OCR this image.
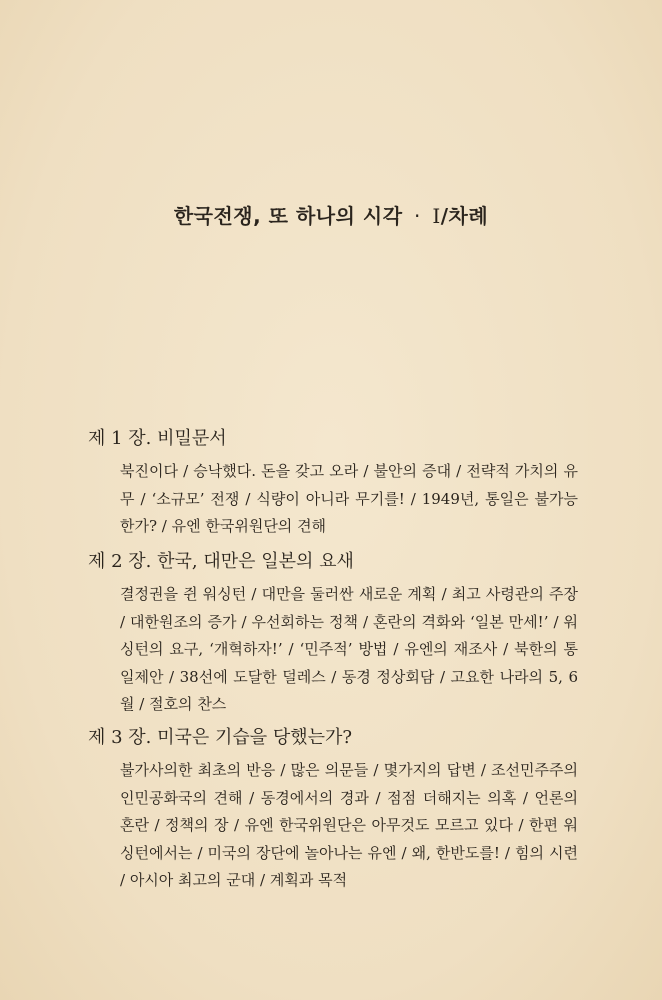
한국전쟁, 또 하나의 시각 · Ⅰ/차례
제 1 장. 비밀문서
북진이다 / 승낙했다. 돈을 갖고 오라 / 불안의 증대 / 전략적 가치의 유무 / ‘소규모’ 전쟁 / 식량이 아니라 무기를! / 1949년, 통일은 불가능한가? / 유엔 한국위원단의 견해
제 2 장. 한국, 대만은 일본의 요새
결정권을 쥔 워싱턴 / 대만을 둘러싼 새로운 계획 / 최고 사령관의 주장 / 대한원조의 증가 / 우선회하는 정책 / 혼란의 격화와 ‘일본 만세!’ / 워싱턴의 요구, ‘개혁하자!’ / ‘민주적’ 방법 / 유엔의 재조사 / 북한의 통일제안 / 38선에 도달한 덜레스 / 동경 정상회담 / 고요한 나라의 5, 6월 / 절호의 찬스
제 3 장. 미국은 기습을 당했는가?
불가사의한 최초의 반응 / 많은 의문들 / 몇가지의 답변 / 조선민주주의인민공화국의 견해 / 동경에서의 경과 / 점점 더해지는 의혹 / 언론의 혼란 / 정책의 장 / 유엔 한국위원단은 아무것도 모르고 있다 / 한편 워싱턴에서는 / 미국의 장단에 놀아나는 유엔 / 왜, 한반도를! / 힘의 시련 / 아시아 최고의 군대 / 계획과 목적
